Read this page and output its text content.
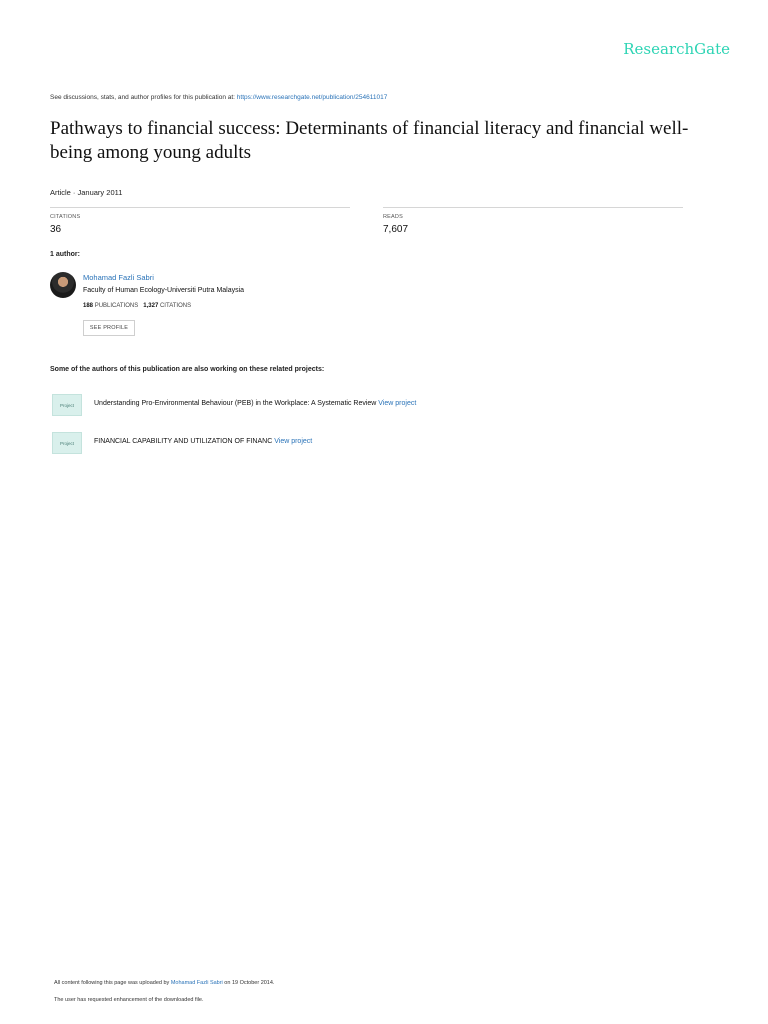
ResearchGate
See discussions, stats, and author profiles for this publication at: https://www.researchgate.net/publication/254611017
Pathways to financial success: Determinants of financial literacy and financial well-being among young adults
Article · January 2011
CITATIONS
36
READS
7,607
1 author:
Mohamad Fazli Sabri
Faculty of Human Ecology-Universiti Putra Malaysia
188 PUBLICATIONS 1,327 CITATIONS
SEE PROFILE
Some of the authors of this publication are also working on these related projects:
Project	Understanding Pro-Environmental Behaviour (PEB) in the Workplace: A Systematic Review View project
Project	FINANCIAL CAPABILITY AND UTILIZATION OF FINANC View project
All content following this page was uploaded by Mohamad Fazli Sabri on 19 October 2014.
The user has requested enhancement of the downloaded file.
